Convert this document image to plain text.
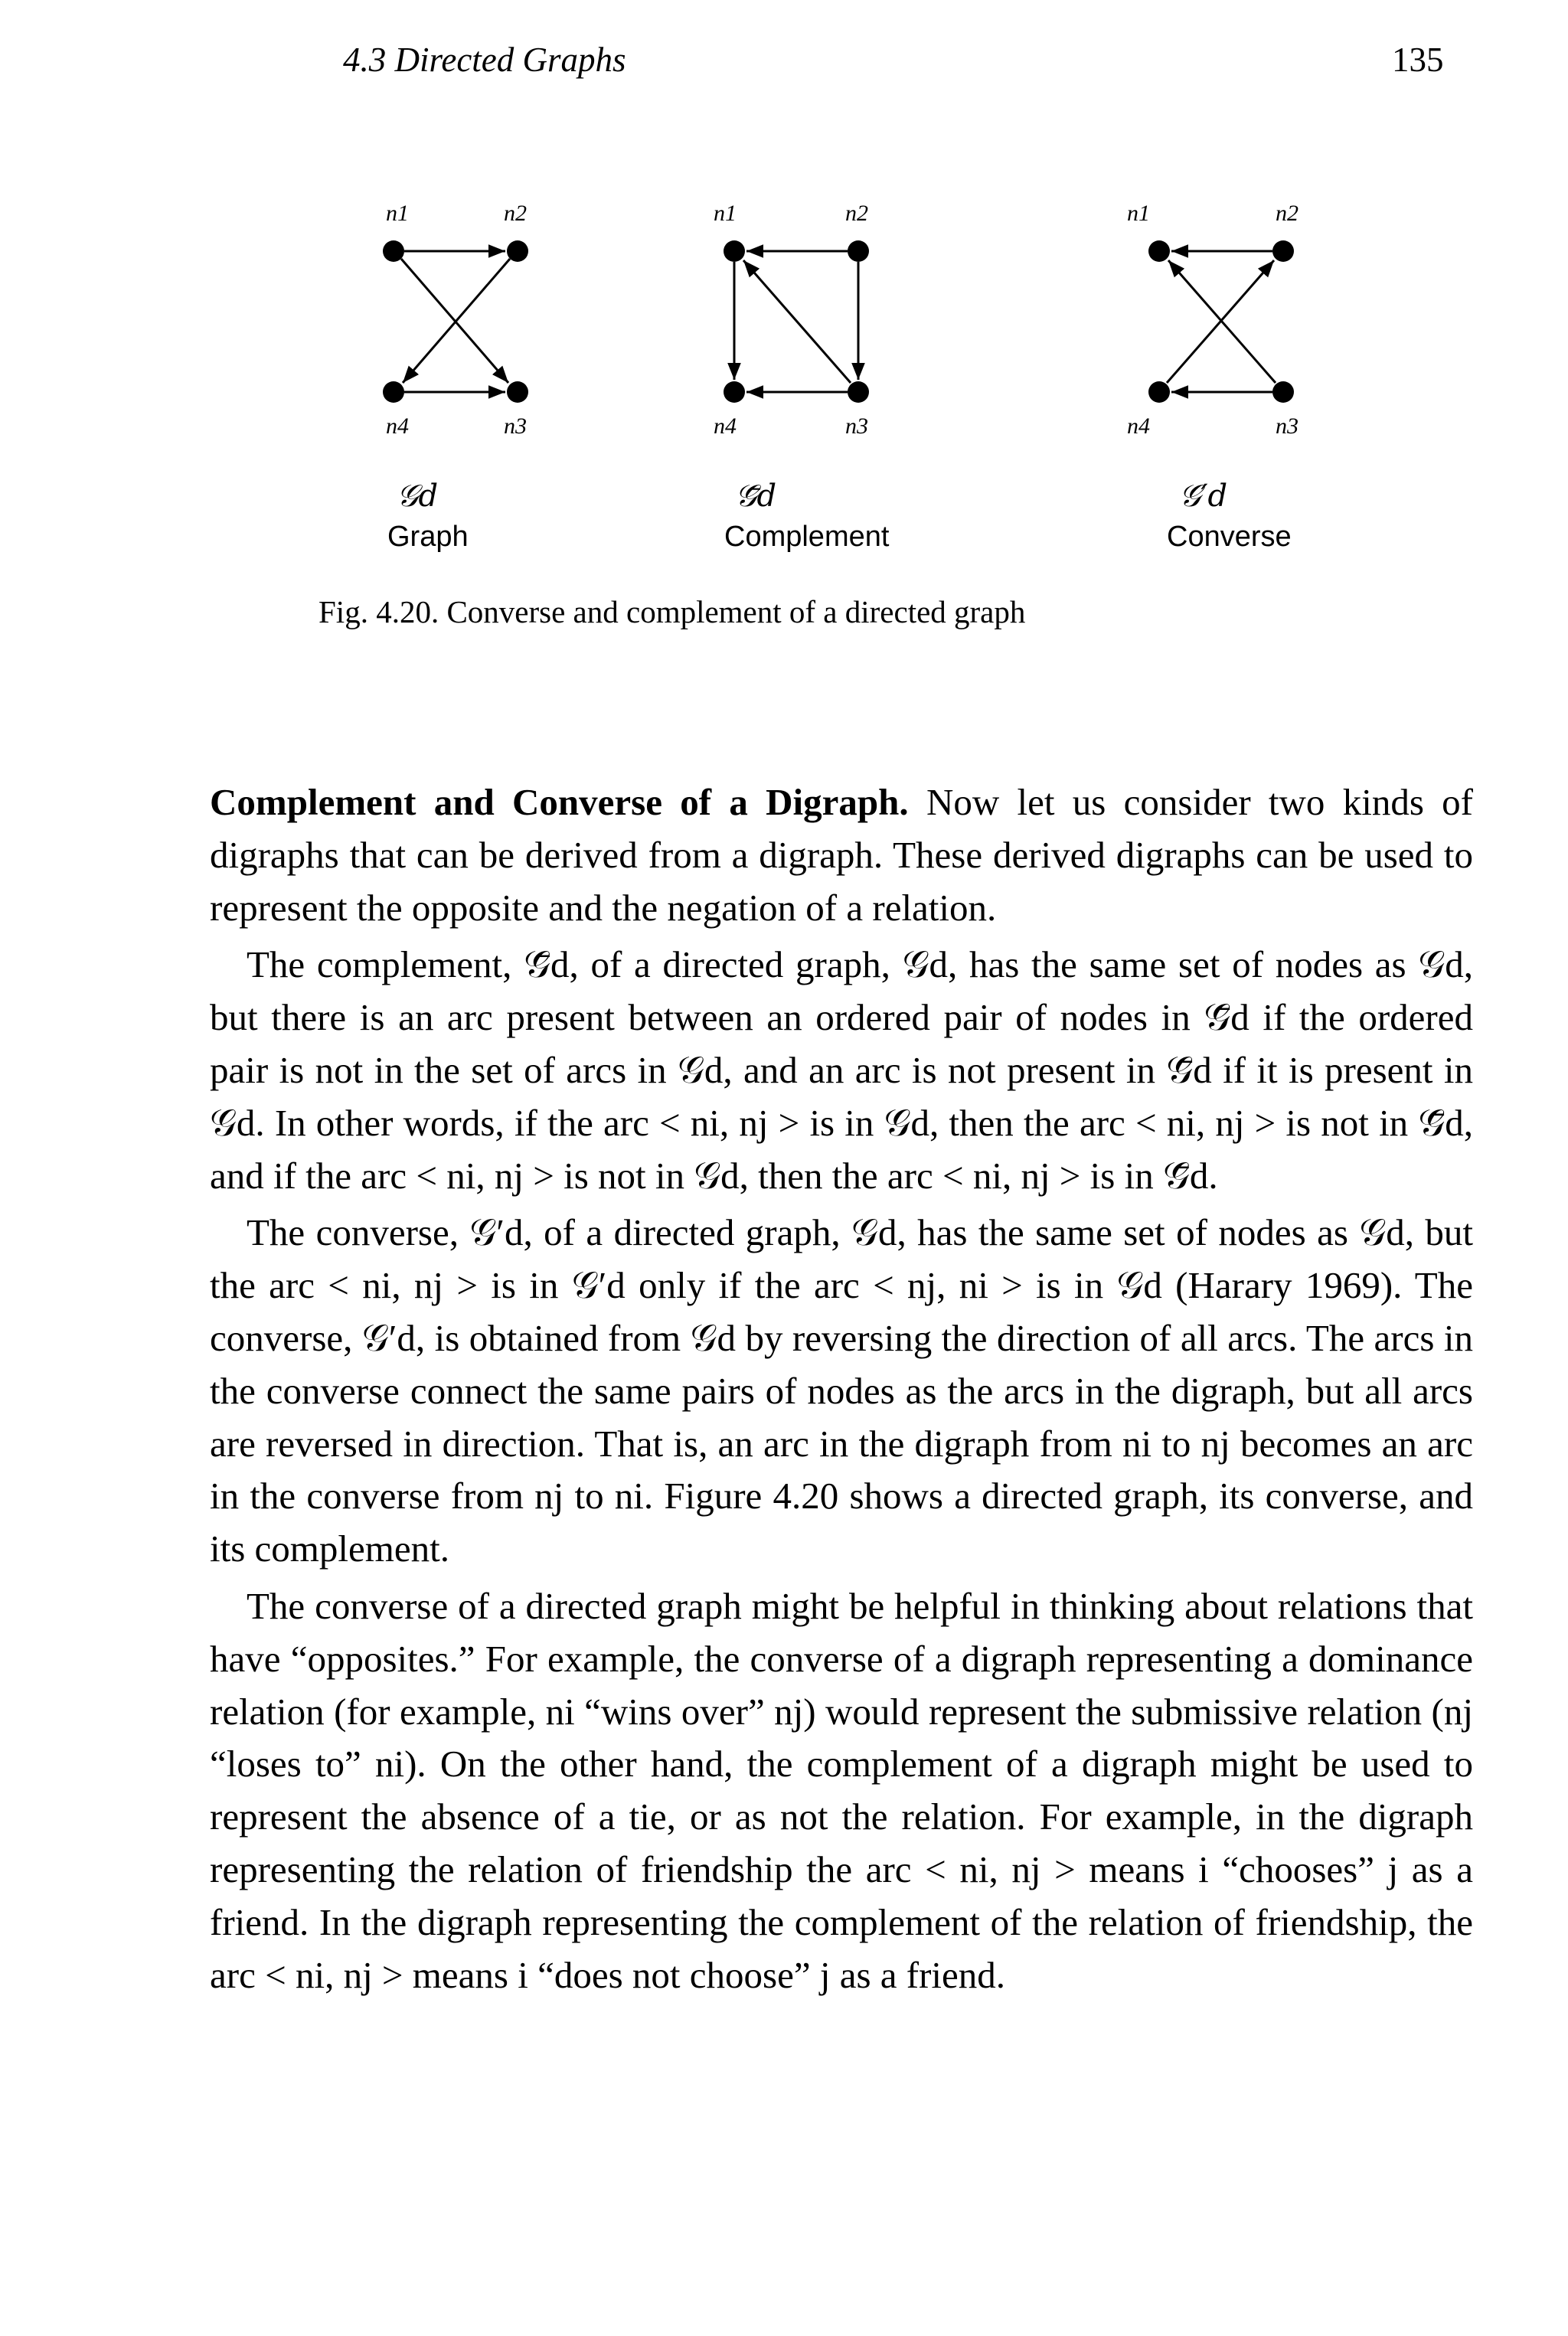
4.3 Directed Graphs	135
n1	n2
n4	n3
𝒢d
Graph
n1	n2
n4	n3
𝒢̄d
Complement
n1	n2
n4	n3
𝒢′d
Converse
Fig. 4.20. Converse and complement of a directed graph

Complement and Converse of a Digraph. Now let us consider two kinds of digraphs that can be derived from a digraph. These derived digraphs can be used to represent the opposite and the negation of a relation.

The complement, 𝒢̄d, of a directed graph, 𝒢d, has the same set of nodes as 𝒢d, but there is an arc present between an ordered pair of nodes in 𝒢̄d if the ordered pair is not in the set of arcs in 𝒢d, and an arc is not present in 𝒢̄d if it is present in 𝒢d. In other words, if the arc < ni, nj > is in 𝒢d, then the arc < ni, nj > is not in 𝒢̄d, and if the arc < ni, nj > is not in 𝒢d, then the arc < ni, nj > is in 𝒢̄d.

The converse, 𝒢′d, of a directed graph, 𝒢d, has the same set of nodes as 𝒢d, but the arc < ni, nj > is in 𝒢′d only if the arc < nj, ni > is in 𝒢d (Harary 1969). The converse, 𝒢′d, is obtained from 𝒢d by reversing the direction of all arcs. The arcs in the converse connect the same pairs of nodes as the arcs in the digraph, but all arcs are reversed in direction. That is, an arc in the digraph from ni to nj becomes an arc in the converse from nj to ni. Figure 4.20 shows a directed graph, its converse, and its complement.

The converse of a directed graph might be helpful in thinking about relations that have “opposites.” For example, the converse of a digraph representing a dominance relation (for example, ni “wins over” nj) would represent the submissive relation (nj “loses to” ni). On the other hand, the complement of a digraph might be used to represent the absence of a tie, or as not the relation. For example, in the digraph representing the relation of friendship the arc < ni, nj > means i “chooses” j as a friend. In the digraph representing the complement of the relation of friendship, the arc < ni, nj > means i “does not choose” j as a friend.
